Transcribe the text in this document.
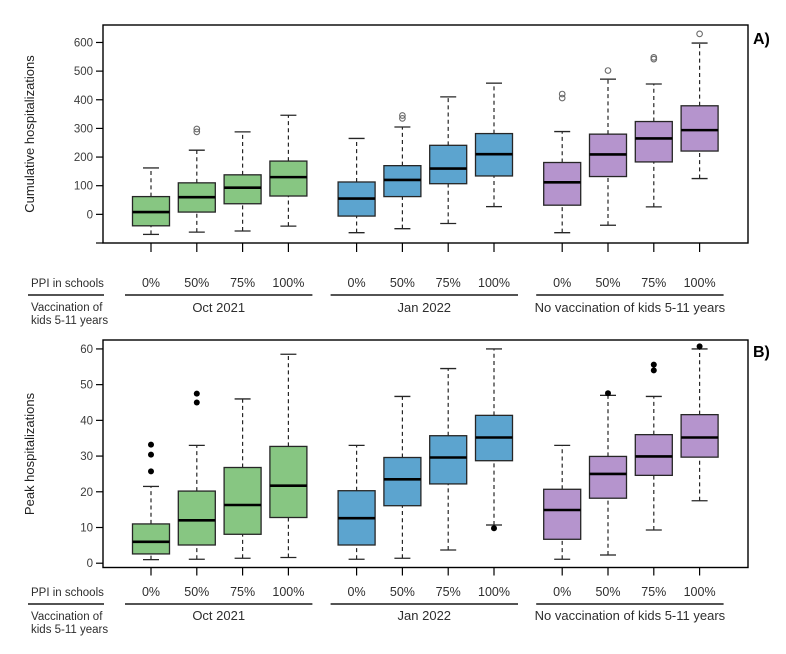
0
100
200
300
400
500
600
0% 50% 75% 100%
Oct 2021
0% 50% 75% 100%
Jan 2022
0% 50% 75% 100%
No vaccination of kids 5-11 years
0
10
20
30
40
50
60
0% 50% 75% 100%
Oct 2021
0% 50% 75% 100%
Jan 2022
0% 50% 75% 100%
No vaccination of kids 5-11 years
Cumulative hospitalizations
A)
PPI in schools
Vaccination of
kids 5-11 years
Peak hospitalizations
B)
PPI in schools
Vaccination of
kids 5-11 years
